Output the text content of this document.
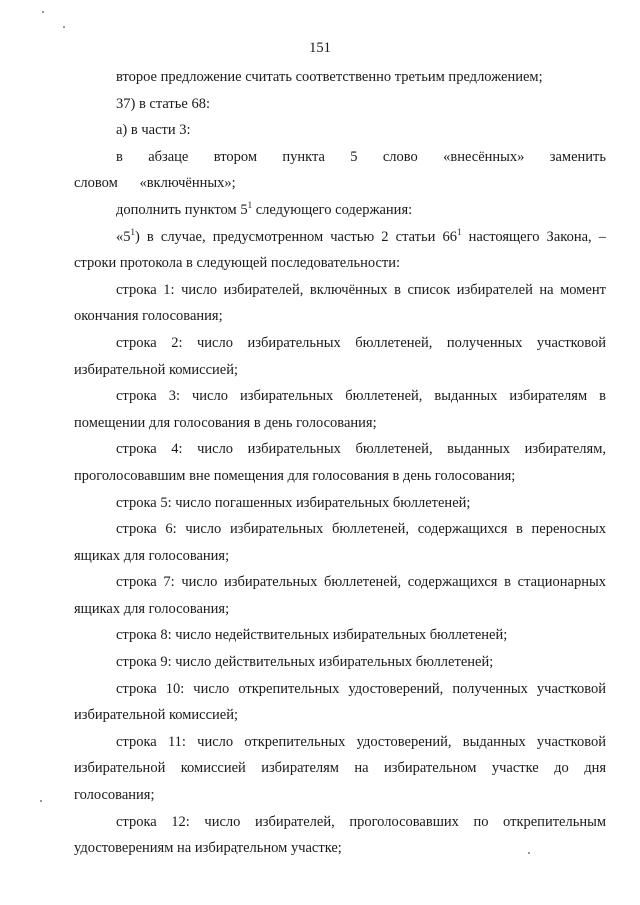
151

второе предложение считать соответственно третьим предложением;

37) в статье 68:

а) в части 3:

в абзаце втором пункта 5 слово «внесённых» заменить словом «включённых»;

дополнить пунктом $5^1$ следующего содержания:

«$5^1$) в случае, предусмотренном частью 2 статьи $66^1$ настоящего Закона, – строки протокола в следующей последовательности:

строка 1: число избирателей, включённых в список избирателей на момент окончания голосования;

строка 2: число избирательных бюллетеней, полученных участковой избирательной комиссией;

строка 3: число избирательных бюллетеней, выданных избирателям в помещении для голосования в день голосования;

строка 4: число избирательных бюллетеней, выданных избирателям, проголосовавшим вне помещения для голосования в день голосования;

строка 5: число погашенных избирательных бюллетеней;

строка 6: число избирательных бюллетеней, содержащихся в переносных ящиках для голосования;

строка 7: число избирательных бюллетеней, содержащихся в стационарных ящиках для голосования;

строка 8: число недействительных избирательных бюллетеней;

строка 9: число действительных избирательных бюллетеней;

строка 10: число открепительных удостоверений, полученных участковой избирательной комиссией;

строка 11: число открепительных удостоверений, выданных участковой избирательной комиссией избирателям на избирательном участке до дня голосования;

строка 12: число избирателей, проголосовавших по открепительным удостоверениям на избирательном участке;
